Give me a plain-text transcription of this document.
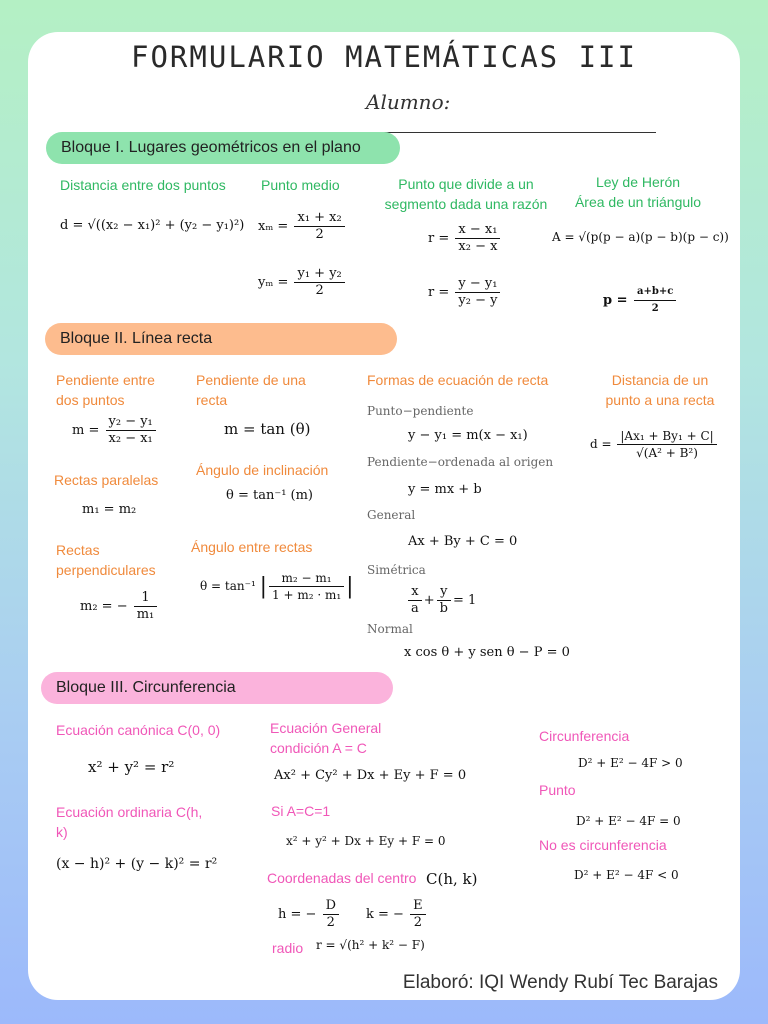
FORMULARIO MATEMÁTICAS III
Alumno:
Bloque I. Lugares geométricos en el plano
Distancia entre dos puntos	Punto medio	Punto que divide a un segmento dada una razón
Ley de Herón
Área de un triángulo
d = √((x₂ − x₁)² + (y₂ − y₁)²) $x_m = \frac{\text{x₁ + x₂}}{2}$
$y_m = \frac{\text{y₁ + y₂}}{2}$
$r = \frac{\text{x − x₁}}{\text{x₂ − x}}$
$r = \frac{\text{y − y₁}}{\text{y₂ − y}}$
A = √(p(p − a)(p − b)(p − c))
$p = \frac{a+b+c}{2}$
Bloque II. Línea recta
Pendiente entre dos puntos
Pendiente de una recta
Formas de ecuación de recta	Distancia de un punto a una recta
$m = \frac{\text{y₂ − y₁}}{\text{x₂ − x₁}}$	m = tan (θ)
Rectas paralelas
Ángulo de inclinación
m₁ = m₂
θ = tan⁻¹ (m)
Rectas perpendiculares
Ángulo entre rectas
m₂ = − $\frac{1}{\text{m₁}}$
θ = tan⁻¹ | $\frac{\text{m₂ − m₁}}{\text{1 + m₂ · m₁}}$ |
Punto−pendiente
y − y₁ = m(x − x₁)
Pendiente−ordenada al origen
y = mx + b
General
Ax + By + C = 0
Simétrica
$\frac{x}{a} + \frac{y}{b} = 1$
Normal
x cos θ + y sen θ − P = 0
$d = \frac{\text{|Ax₁ + By₁ + C|}}{\text{√(A² + B²)}}$
Bloque III. Circunferencia
Ecuación canónica C(0, 0)
x² + y² = r²
Ecuación ordinaria C(h, k)
(x − h)² + (y − k)² = r²
Ecuación General
condición A = C
Ax² + Cy² + Dx + Ey + F = 0
Si A=C=1
x² + y² + Dx + Ey + F = 0
Coordenadas del centro C(h, k)
h = − $\frac{D}{2}$ k = − $\frac{E}{2}$
radio	r = √(h² + k² − F)
Circunferencia
D² + E² − 4F > 0
Punto
D² + E² − 4F = 0
No es circunferencia
D² + E² − 4F < 0
Elaboró: IQI Wendy Rubí Tec Barajas
